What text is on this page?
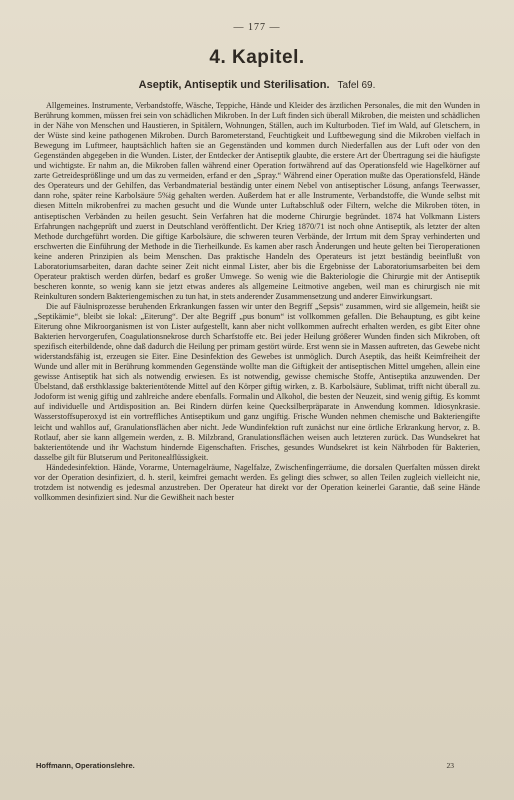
— 177 —
4. Kapitel.
Aseptik, Antiseptik und Sterilisation. Tafel 69.

Allgemeines. Instrumente, Verbandstoffe, Wäsche, Teppiche, Hände und Kleider des ärztlichen Personales, die mit den Wunden in Berührung kommen, müssen frei sein von schädlichen Mikroben. In der Luft finden sich überall Mikroben, die meisten und schädlichen in der Nähe von Menschen und Haustieren, in Spitälern, Wohnungen, Ställen, auch im Kulturboden. Tief im Wald, auf Gletschern, in der Wüste sind keine pathogenen Mikroben. Durch Barometerstand, Feuchtigkeit und Luftbewegung sind die Mikroben vielfach in Bewegung im Luftmeer, hauptsächlich haften sie an Gegenständen und kommen durch Niederfallen aus der Luft oder von den Gegenständen abgegeben in die Wunden. Lister, der Entdecker der Antiseptik glaubte, die erstere Art der Übertragung sei die häufigste und wichtigste. Er nahm an, die Mikroben fallen während einer Operation fortwährend auf das Operationsfeld wie Hagelkörner auf zarte Getreidesprößlinge und um das zu vermeiden, erfand er den „Spray.“ Während einer Operation mußte das Operationsfeld, Hände des Operateurs und der Gehilfen, das Verbandmaterial beständig unter einem Nebel von antiseptischer Lösung, anfangs Teerwasser, dann rohe, später reine Karbolsäure 5%ig gehalten werden. Außerdem hat er alle Instrumente, Verbandstoffe, die Wunde selbst mit diesen Mitteln mikrobenfrei zu machen gesucht und die Wunde unter Luftabschluß oder Filtern, welche die Mikroben töten, in antiseptischen Verbänden zu heilen gesucht. Sein Verfahren hat die moderne Chirurgie begründet. 1874 hat Volkmann Listers Erfahrungen nachgeprüft und zuerst in Deutschland veröffentlicht. Der Krieg 1870/71 ist noch ohne Antiseptik, als letzter der alten Methode durchgeführt worden. Die giftige Karbolsäure, die schweren teuren Verbände, der Irrtum mit dem Spray verhinderten und erschwerten die Einführung der Methode in die Tierheilkunde. Es kamen aber rasch Änderungen und heute gelten bei Tieroperationen keine anderen Prinzipien als beim Menschen. Das praktische Handeln des Operateurs ist jetzt beständig beeinflußt von Laboratoriumsarbeiten, daran dachte seiner Zeit nicht einmal Lister, aber bis die Ergebnisse der Laboratoriumsarbeiten bei dem Operateur praktisch werden dürfen, bedarf es großer Umwege. So wenig wie die Bakteriologie die Chirurgie mit der Antiseptik bescheren konnte, so wenig kann sie jetzt etwas anderes als allgemeine Leitmotive angeben, weil man es chirurgisch nie mit Reinkulturen sondern Bakteriengemischen zu tun hat, in stets anderender Zusammensetzung und anderer Einwirkungsart.

Die auf Fäulnisprozesse beruhenden Erkrankungen fassen wir unter den Begriff „Sepsis“ zusammen, wird sie allgemein, heißt sie „Septikämie“, bleibt sie lokal: „Eiterung“. Der alte Begriff „pus bonum“ ist vollkommen gefallen. Die Behauptung, es gibt keine Eiterung ohne Mikroorganismen ist von Lister aufgestellt, kann aber nicht vollkommen aufrecht erhalten werden, es gibt Eiter ohne Bakterien hervorgerufen, Coagulationsnekrose durch Scharfstoffe etc. Bei jeder Heilung größerer Wunden finden sich Mikroben, oft spezifisch eiterbildende, ohne daß dadurch die Heilung per primam gestört würde. Erst wenn sie in Massen auftreten, das Gewebe nicht widerstandsfähig ist, erzeugen sie Eiter. Eine Desinfektion des Gewebes ist unmöglich. Durch Aseptik, das heißt Keimfreiheit der Wunde und aller mit in Berührung kommenden Gegenstände wollte man die Giftigkeit der antiseptischen Mittel umgehen, allein eine gewisse Antiseptik hat sich als notwendig erwiesen. Es ist notwendig, gewisse chemische Stoffe, Antiseptika anzuwenden. Der Übelstand, daß ersthklassige bakterientötende Mittel auf den Körper giftig wirken, z. B. Karbolsäure, Sublimat, trifft nicht überall zu. Jodoform ist wenig giftig und zahlreiche andere ebenfalls. Formalin und Alkohol, die besten der Neuzeit, sind wenig giftig. Es kommt auf individuelle und Artdisposition an. Bei Rindern dürfen keine Quecksilberpräparate in Anwendung kommen. Idiosynkrasie. Wasserstoffsuperoxyd ist ein vortreffliches Antiseptikum und ganz ungiftig. Frische Wunden nehmen chemische und Bakteriengifte leicht und wahllos auf, Granulationsflächen aber nicht. Jede Wundinfektion ruft zunächst nur eine örtliche Erkrankung hervor, z. B. Rotlauf, aber sie kann allgemein werden, z. B. Milzbrand, Granulationsflächen weisen auch letzteren zurück. Das Wundsekret hat bakterientötende und ihr Wachstum hindernde Eigenschaften. Frisches, gesundes Wundsekret ist kein Nährboden für Bakterien, dasselbe gilt für Blutserum und Peritonealflüssigkeit.

Händedesinfektion. Hände, Vorarme, Unternagelräume, Nagelfalze, Zwischenfingerräume, die dorsalen Querfalten müssen direkt vor der Operation desinfiziert, d. h. steril, keimfrei gemacht werden. Es gelingt dies schwer, so allen Teilen zugleich vielleicht nie, trotzdem ist notwendig es jedesmal anzustreben. Der Operateur hat direkt vor der Operation keinerlei Garantie, daß seine Hände vollkommen desinfiziert sind. Nur die Gewißheit nach bester

Hoffmann, Operationslehre.	23
